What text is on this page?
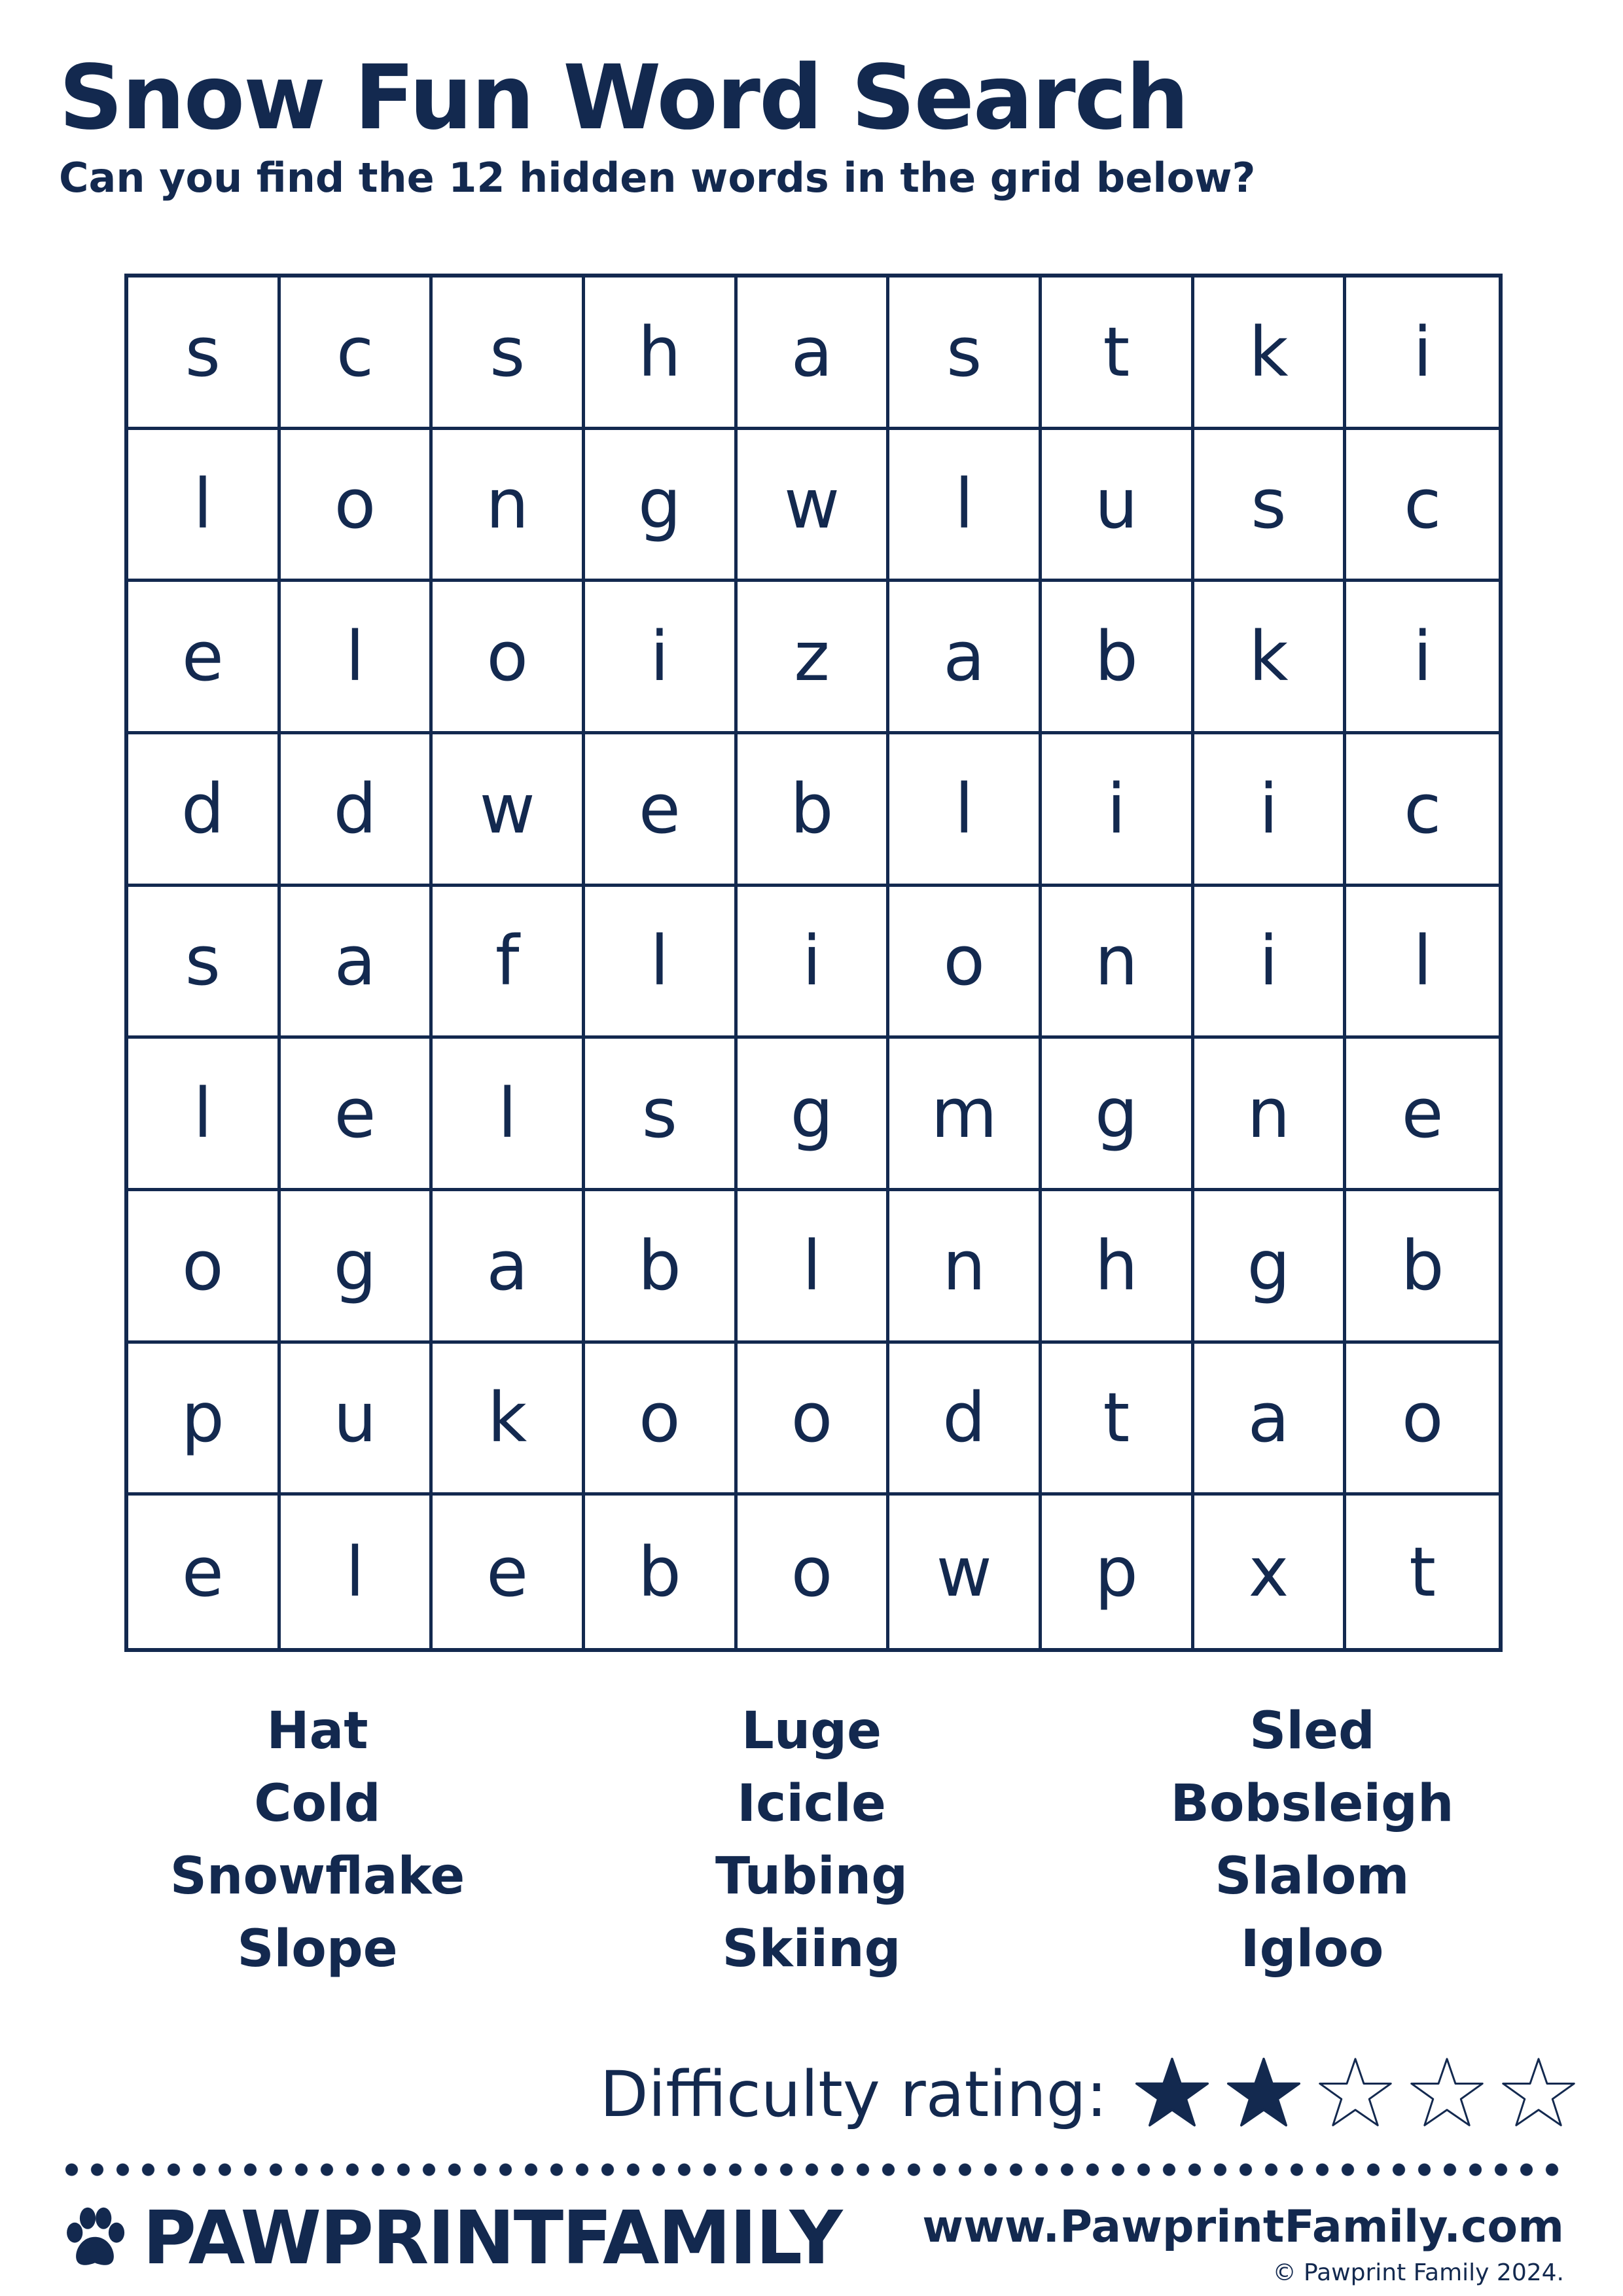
Snow Fun Word Search
Can you find the 12 hidden words in the grid below?
s	c	s	h	a	s	t	k	i
l	o	n	g	w	l	u	s	c
e	l	o	i	z	a	b	k	i
d	d	w	e	b	l	i	i	c
s	a	f	l	i	o	n	i	l
l	e	l	s	g	m	g	n	e
o	g	a	b	l	n	h	g	b
p	u	k	o	o	d	t	a	o
e	l	e	b	o	w	p	x	t
Hat
Cold
Snowflake
Slope
Luge
Icicle
Tubing
Skiing
Sled
Bobsleigh
Slalom
Igloo
Difficulty rating:
PAWPRINTFAMILY www.PawprintFamily.com
© Pawprint Family 2024.
